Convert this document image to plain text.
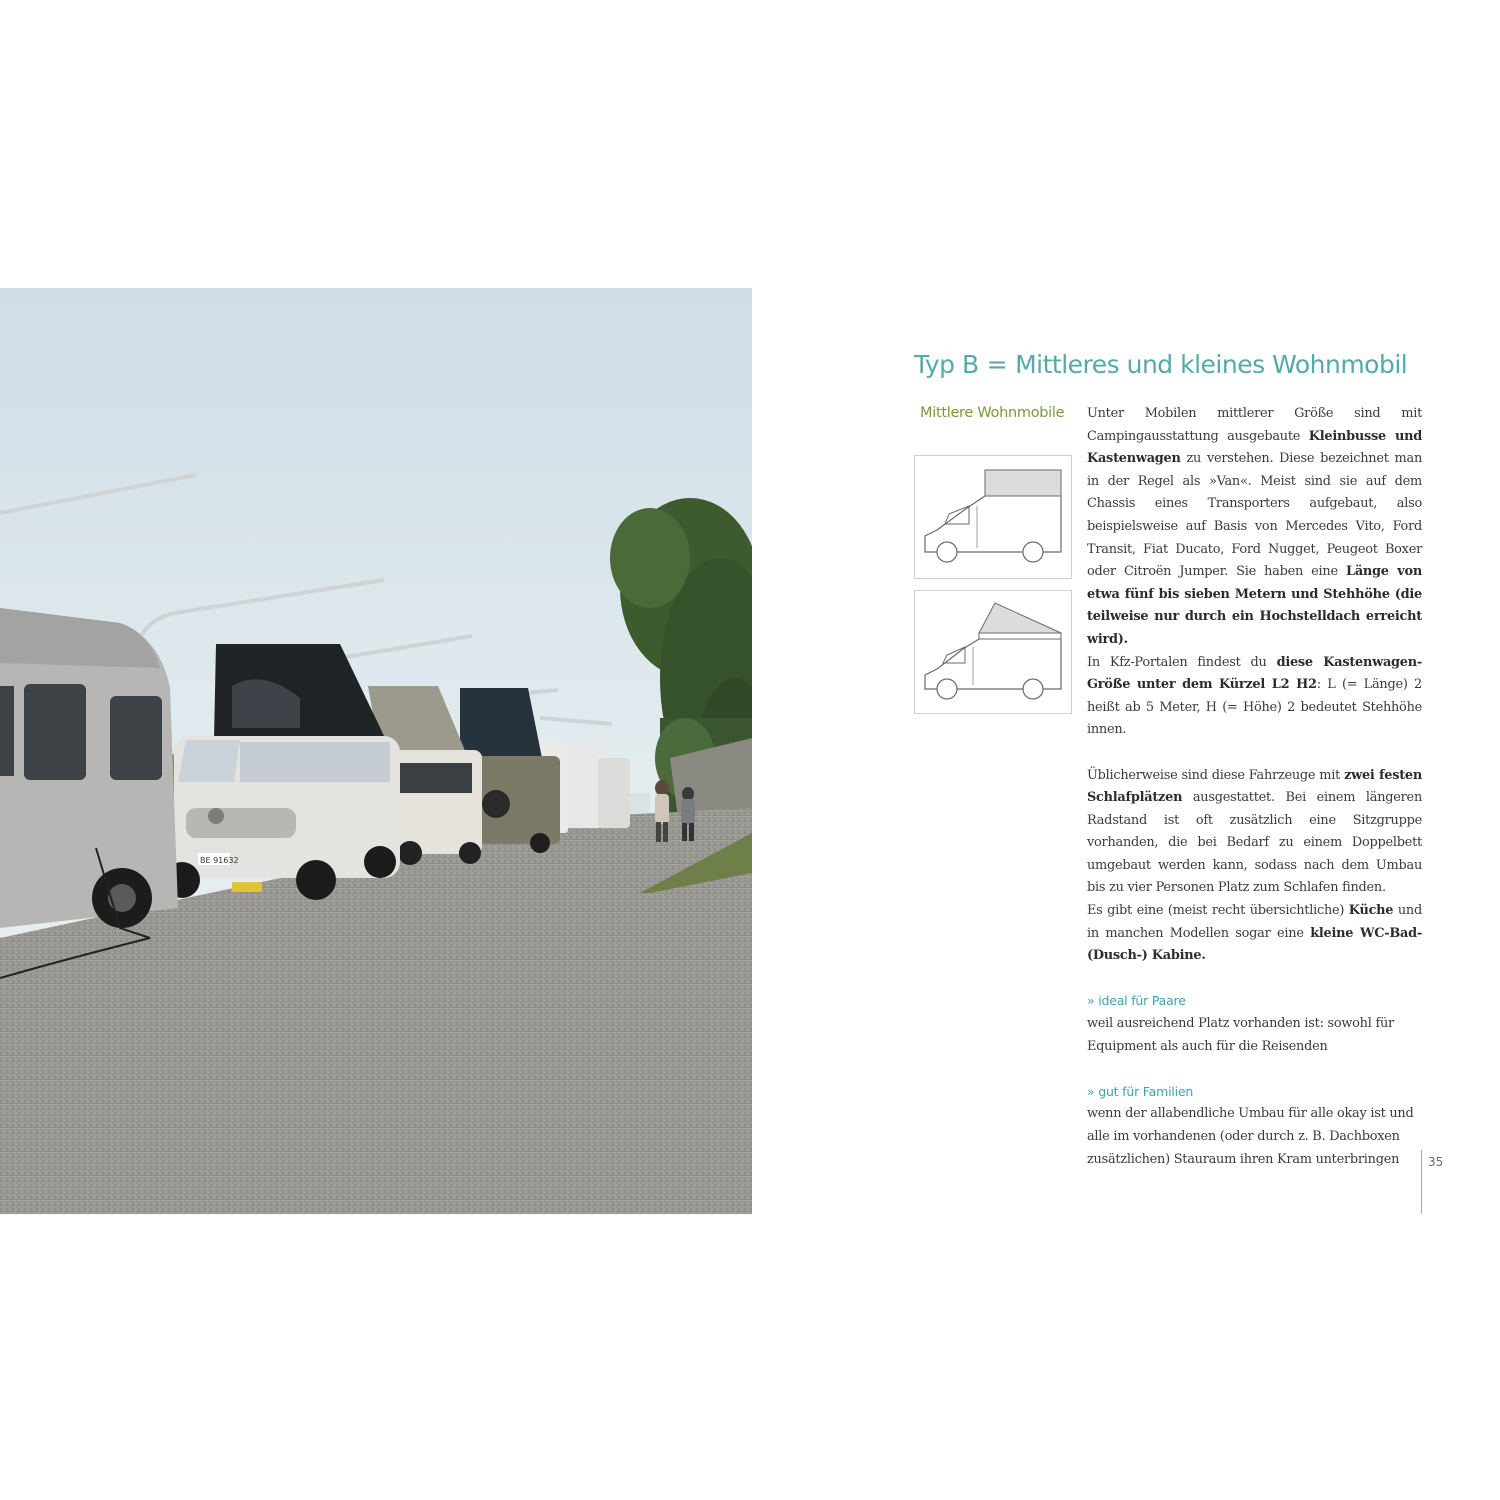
BE 91632
Typ B = Mittleres und kleines Wohnmobil
Mittlere Wohnmobile Unter Mobilen mittlerer Größe sind mit Campingausstattung ausgebaute Kleinbusse und Kastenwagen zu verstehen. Diese bezeichnet man in der Regel als »Van«. Meist sind sie auf dem Chassis eines Transporters aufgebaut, also beispielsweise auf Basis von Mercedes Vito, Ford Transit, Fiat Ducato, Ford Nugget, Peugeot Boxer oder Citroën Jumper. Sie haben eine Länge von etwa fünf bis sieben Metern und Stehhöhe (die teilweise nur durch ein Hochstelldach erreicht wird).

In Kfz-Portalen findest du diese Kastenwagen-Größe unter dem Kürzel L2 H2: L (= Länge) 2 heißt ab 5 Meter, H (= Höhe) 2 bedeutet Stehhöhe innen.

Üblicherweise sind diese Fahrzeuge mit zwei festen Schlafplätzen ausgestattet. Bei einem längeren Radstand ist oft zusätzlich eine Sitzgruppe vorhanden, die bei Bedarf zu einem Doppelbett umgebaut werden kann, sodass nach dem Umbau bis zu vier Personen Platz zum Schlafen finden.

Es gibt eine (meist recht übersichtliche) Küche und in manchen Modellen sogar eine kleine WC-Bad-(Dusch-) Kabine.

» ideal für Paare

weil ausreichend Platz vorhanden ist: sowohl für Equipment als auch für die Reisenden

» gut für Familien

wenn der allabendliche Umbau für alle okay ist und alle im vorhandenen (oder durch z. B. Dachboxen zusätzlichen) Stauraum ihren Kram unterbringen	35
